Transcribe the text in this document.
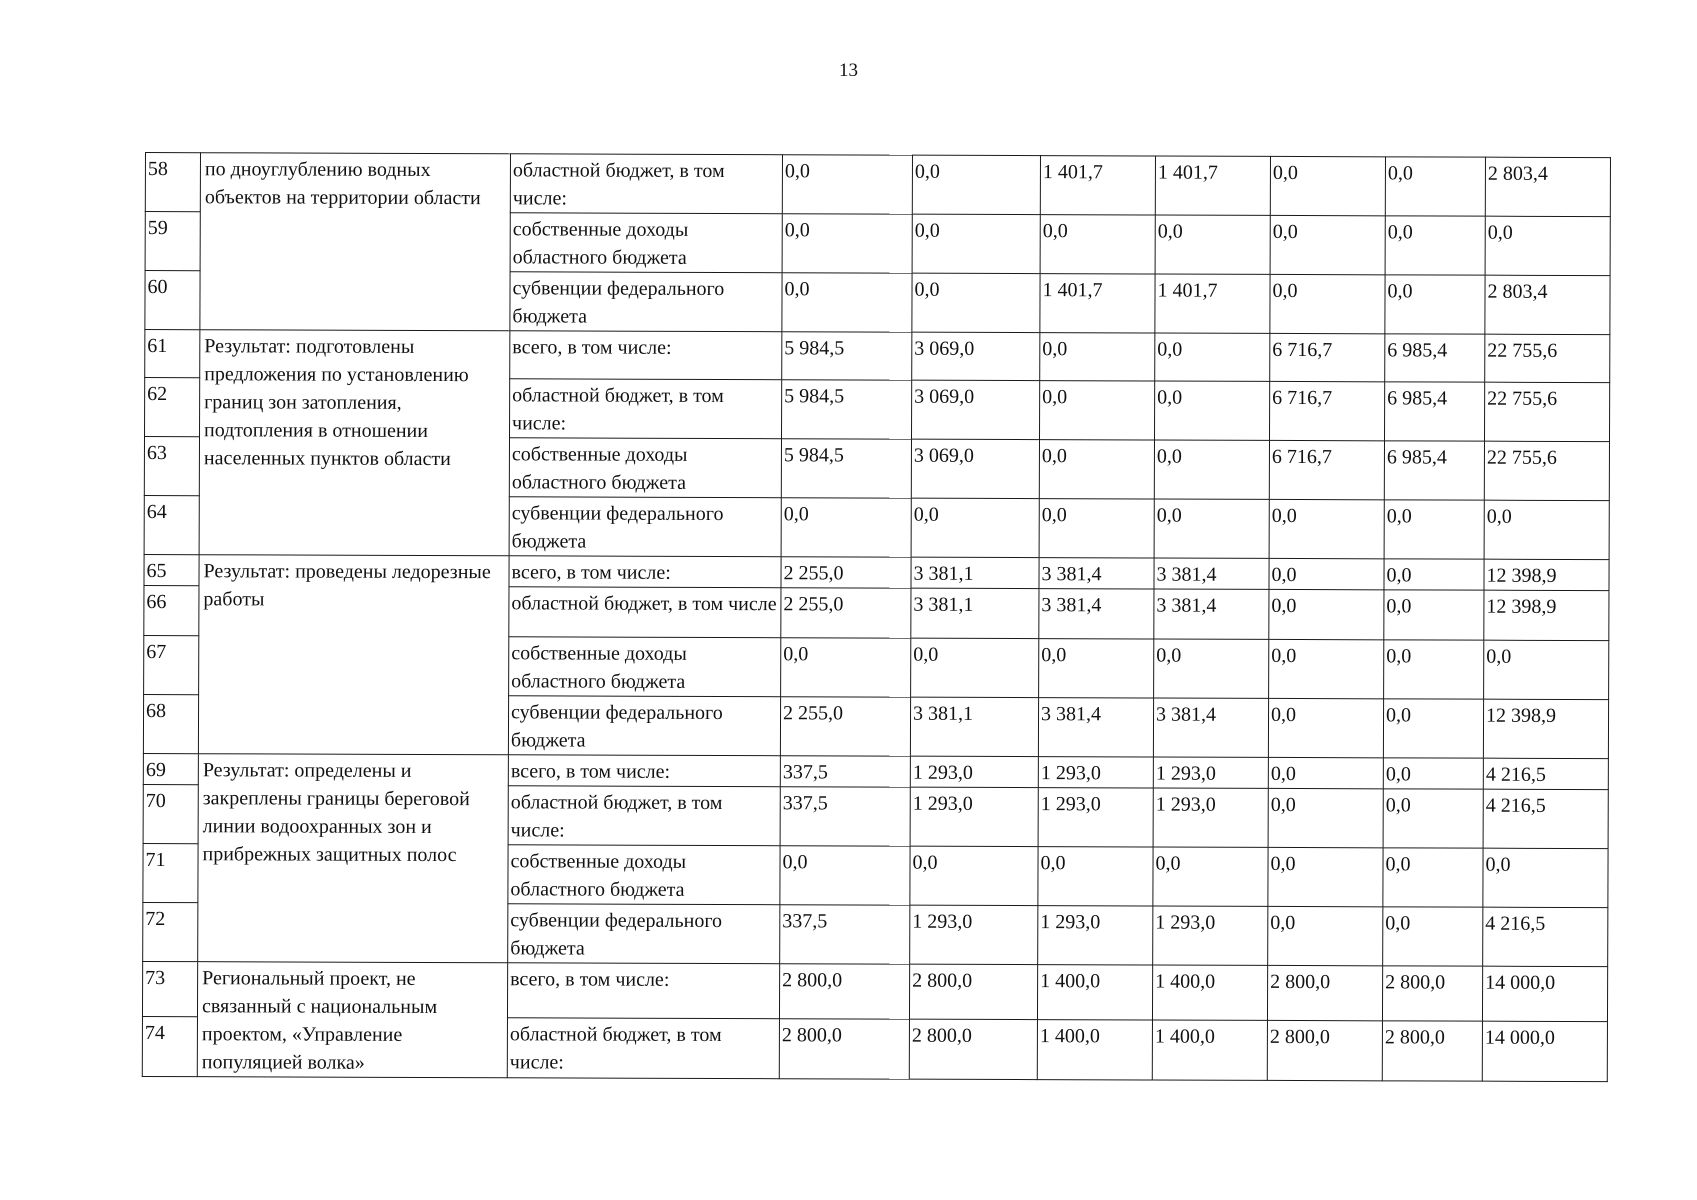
13
58	по дноуглублению водных объектов на территории области	областной бюджет, в том числе:	0,0	0,0	1 401,7	1 401,7	0,0	0,0	2 803,4
59		собственные доходы областного бюджета	0,0	0,0	0,0	0,0	0,0	0,0	0,0
60		субвенции федерального бюджета	0,0	0,0	1 401,7	1 401,7	0,0	0,0	2 803,4
61	Результат: подготовлены предложения по установлению границ зон затопления, подтопления в отношении населенных пунктов области	всего, в том числе:	5 984,5	3 069,0	0,0	0,0	6 716,7	6 985,4	22 755,6
62		областной бюджет, в том числе:	5 984,5	3 069,0	0,0	0,0	6 716,7	6 985,4	22 755,6
63		собственные доходы областного бюджета	5 984,5	3 069,0	0,0	0,0	6 716,7	6 985,4	22 755,6
64		субвенции федерального бюджета	0,0	0,0	0,0	0,0	0,0	0,0	0,0
65	Результат: проведены ледорезные работы	всего, в том числе:	2 255,0	3 381,1	3 381,4	3 381,4	0,0	0,0	12 398,9
66		областной бюджет, в том числе	2 255,0	3 381,1	3 381,4	3 381,4	0,0	0,0	12 398,9
67		собственные доходы областного бюджета	0,0	0,0	0,0	0,0	0,0	0,0	0,0
68		субвенции федерального бюджета	2 255,0	3 381,1	3 381,4	3 381,4	0,0	0,0	12 398,9
69	Результат: определены и закреплены границы береговой линии водоохранных зон и прибрежных защитных полос	всего, в том числе:	337,5	1 293,0	1 293,0	1 293,0	0,0	0,0	4 216,5
70		областной бюджет, в том числе:	337,5	1 293,0	1 293,0	1 293,0	0,0	0,0	4 216,5
71		собственные доходы областного бюджета	0,0	0,0	0,0	0,0	0,0	0,0	0,0
72		субвенции федерального бюджета	337,5	1 293,0	1 293,0	1 293,0	0,0	0,0	4 216,5
73	Региональный проект, не связанный с национальным проектом, «Управление популяцией волка»	всего, в том числе:	2 800,0	2 800,0	1 400,0	1 400,0	2 800,0	2 800,0	14 000,0
74		областной бюджет, в том числе:	2 800,0	2 800,0	1 400,0	1 400,0	2 800,0	2 800,0	14 000,0
